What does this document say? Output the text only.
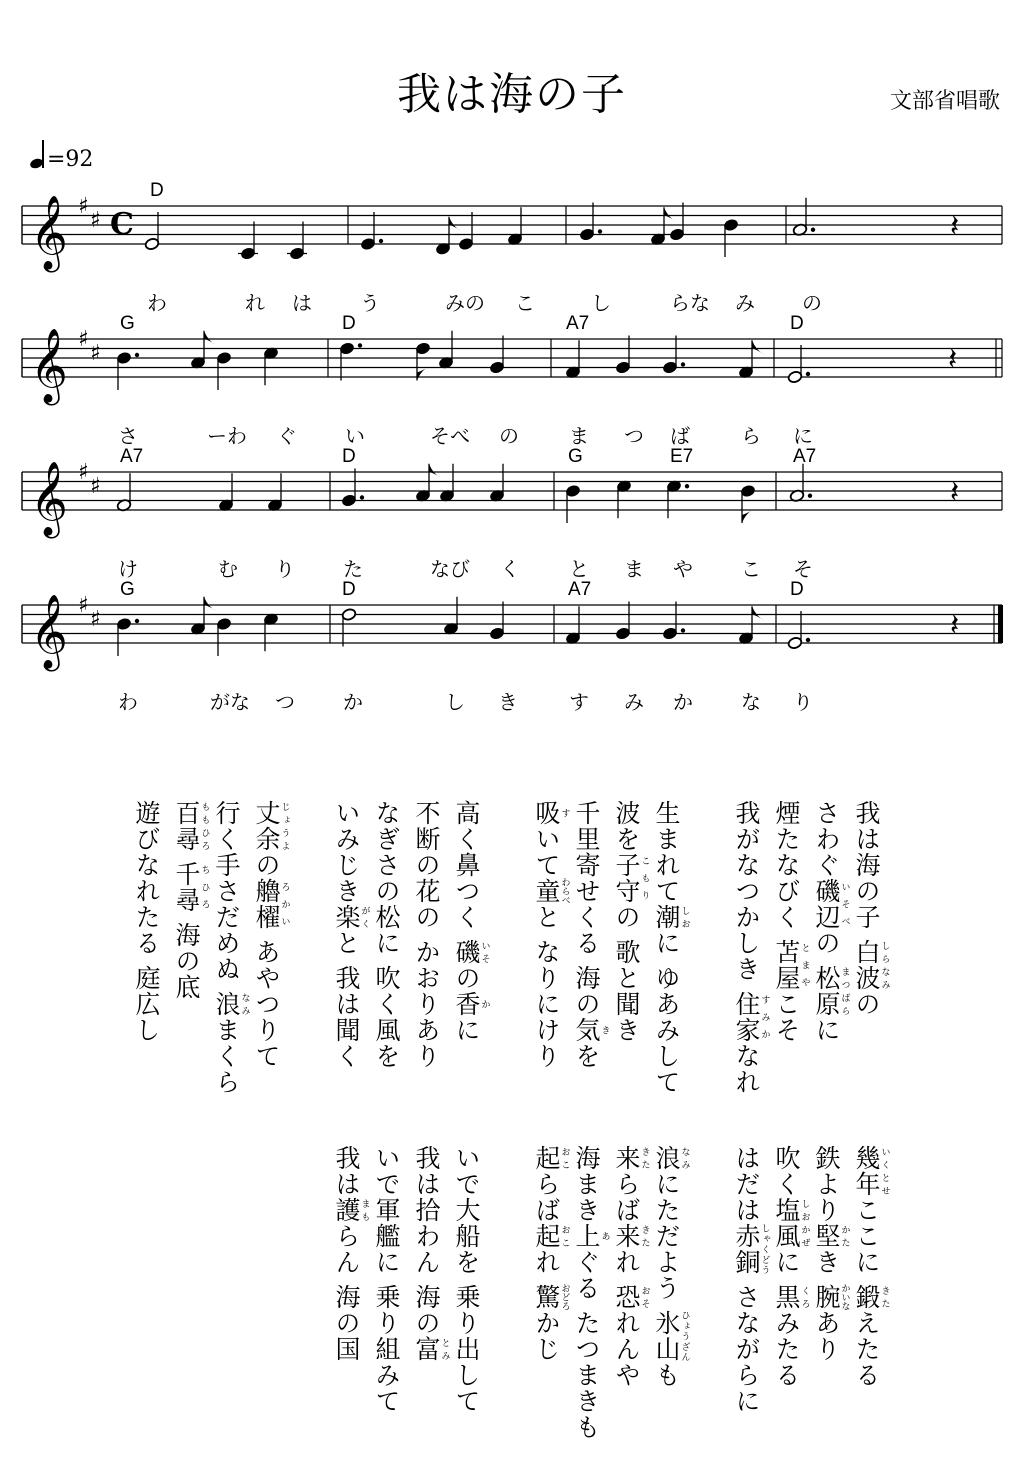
我は海の子	文部省唱歌
=92
𝄞 ♯
♯ C	𝄽
D
わ	れ は う	みの こ	し	らな み の
𝄞 ♯
♯	𝄽
G	D	A7	D
さ	ーわ ぐ い	そべ の	ま つ ば	ら に
𝄞 ♯
♯	𝄽
A7	D	G	E7	A7
け	む り た	なび く と ま や こ そ
𝄞 ♯
♯	𝄽
G	D	A7	D
わ	がな つ か	し き	す み か な り
我は海の子 白波しらなみの
さわぐ磯辺いそべの 松原まつばらに
煙たなびく 苫屋とまやこそ
我がなつかしき 住家すみかなれ
生まれて潮しおに ゆあみして
波を子守こもりの 歌と聞き
千里寄せくる 海の気きを
吸すいて童わらべと なりにけり
高く鼻つく 磯いその香かに
不断の花の かおりあり
なぎさの松に 吹く風を
いみじき楽がくと 我は聞く
丈余じょうよの艪櫂ろかい あやつりて
行く手さだめぬ 浪なみまくら
百尋ももひろ 千尋ちひろ 海の底
遊びなれたる 庭広し
幾年いくとせここに 鍛きたえたる
鉄より堅かたき 腕かいなあり
吹く塩風しおかぜに 黒くろみたる
はだは赤銅しゃくどう さながらに
浪なみにただよう 氷山ひょうざんも
来きたらば来きたれ 恐おそれんや
海まき上あぐる たつまきも
起おこらば起おこれ 驚おどろかじ
いで大船を 乗り出して
我は拾わん 海の富とみ
いで軍艦に 乗り組みて
我は護まもらん 海の国
